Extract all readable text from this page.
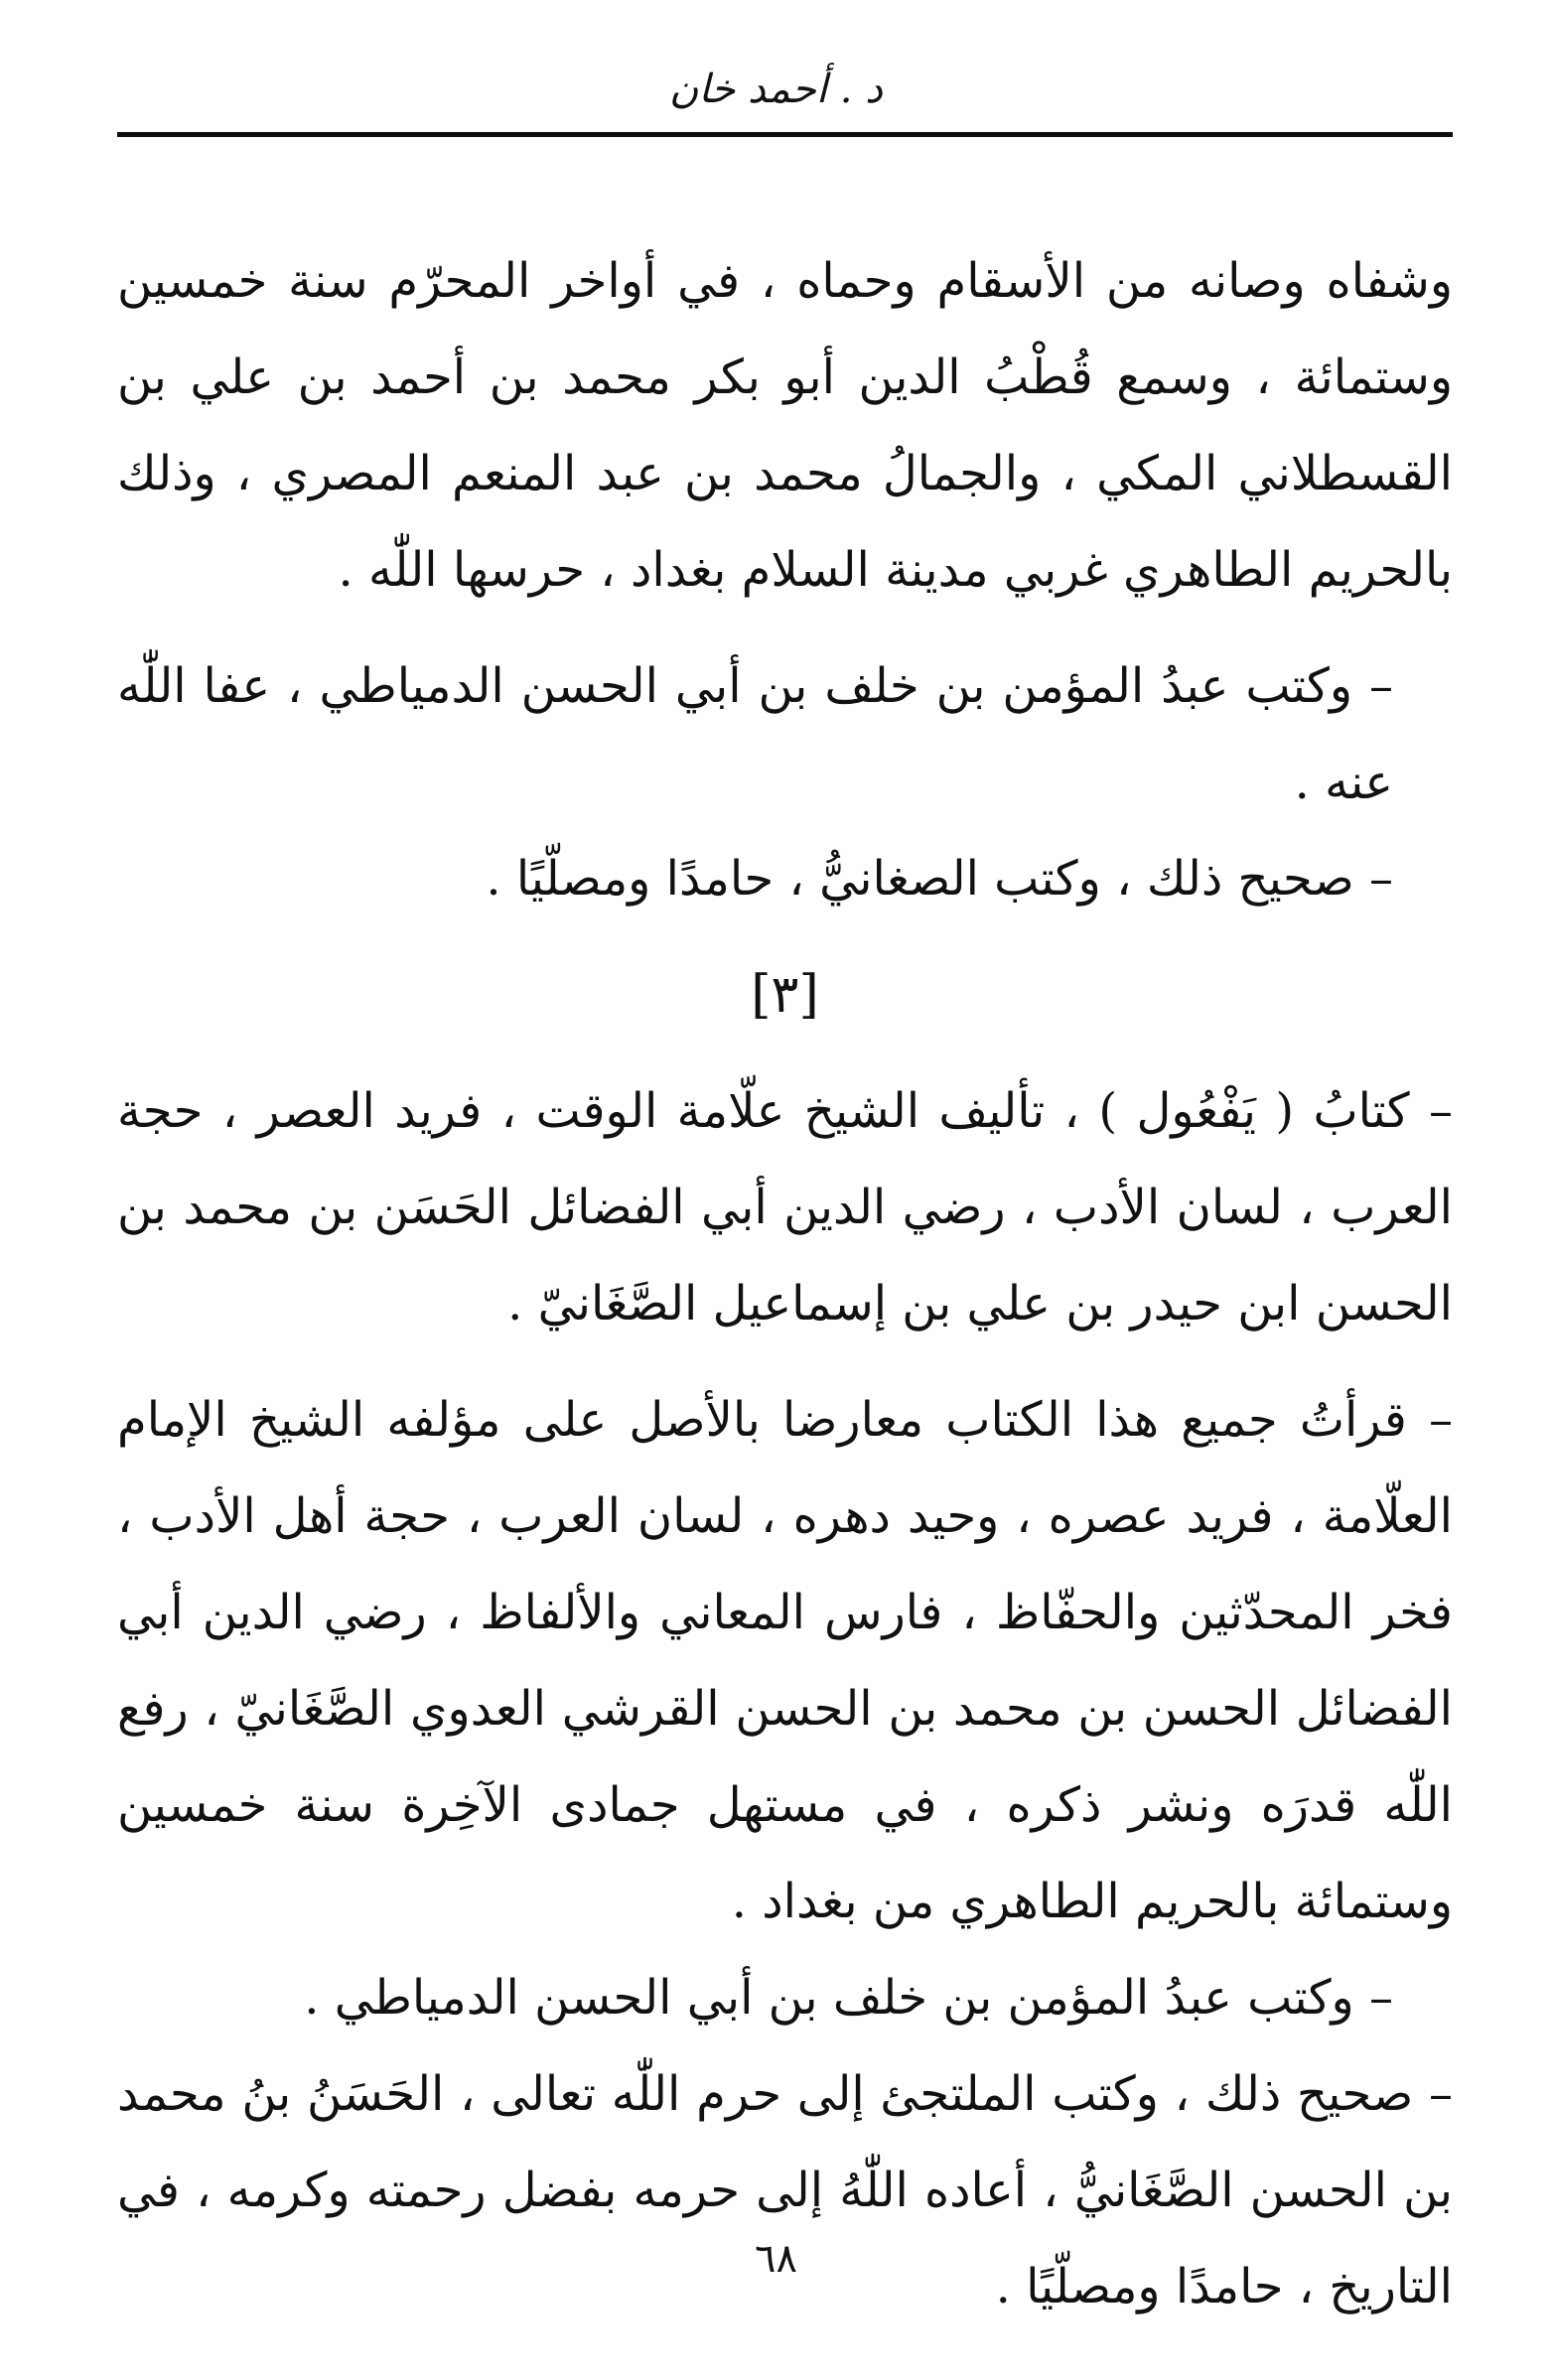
د . أحمد خان

وشفاه وصانه من الأسقام وحماه ، في أواخر المحرّم سنة خمسين وستمائة ، وسمع قُطْبُ الدين أبو بكر محمد بن أحمد بن علي بن القسطلاني المكي ، والجمالُ محمد بن عبد المنعم المصري ، وذلك بالحريم الطاهري غربي مدينة السلام بغداد ، حرسها اللّٰه .

– وكتب عبدُ المؤمن بن خلف بن أبي الحسن الدمياطي ، عفا اللّٰه عنه .

– صحيح ذلك ، وكتب الصغانيُّ ، حامدًا ومصلّيًا .

[٣]

– كتابُ ( يَفْعُول ) ، تأليف الشيخ علّامة الوقت ، فريد العصر ، حجة العرب ، لسان الأدب ، رضي الدين أبي الفضائل الحَسَن بن محمد بن الحسن ابن حيدر بن علي بن إسماعيل الصَّغَانيّ .

– قرأتُ جميع هذا الكتاب معارضا بالأصل على مؤلفه الشيخ الإمام العلّامة ، فريد عصره ، وحيد دهره ، لسان العرب ، حجة أهل الأدب ، فخر المحدّثين والحفّاظ ، فارس المعاني والألفاظ ، رضي الدين أبي الفضائل الحسن بن محمد بن الحسن القرشي العدوي الصَّغَانيّ ، رفع اللّٰه قدرَه ونشر ذكره ، في مستهل جمادى الآخِرة سنة خمسين وستمائة بالحريم الطاهري من بغداد .

– وكتب عبدُ المؤمن بن خلف بن أبي الحسن الدمياطي .

– صحيح ذلك ، وكتب الملتجئ إلى حرم اللّٰه تعالى ، الحَسَنُ بنُ محمد بن الحسن الصَّغَانيُّ ، أعاده اللّٰهُ إلى حرمه بفضل رحمته وكرمه ، في التاريخ ، حامدًا ومصلّيًا .

٦٨
